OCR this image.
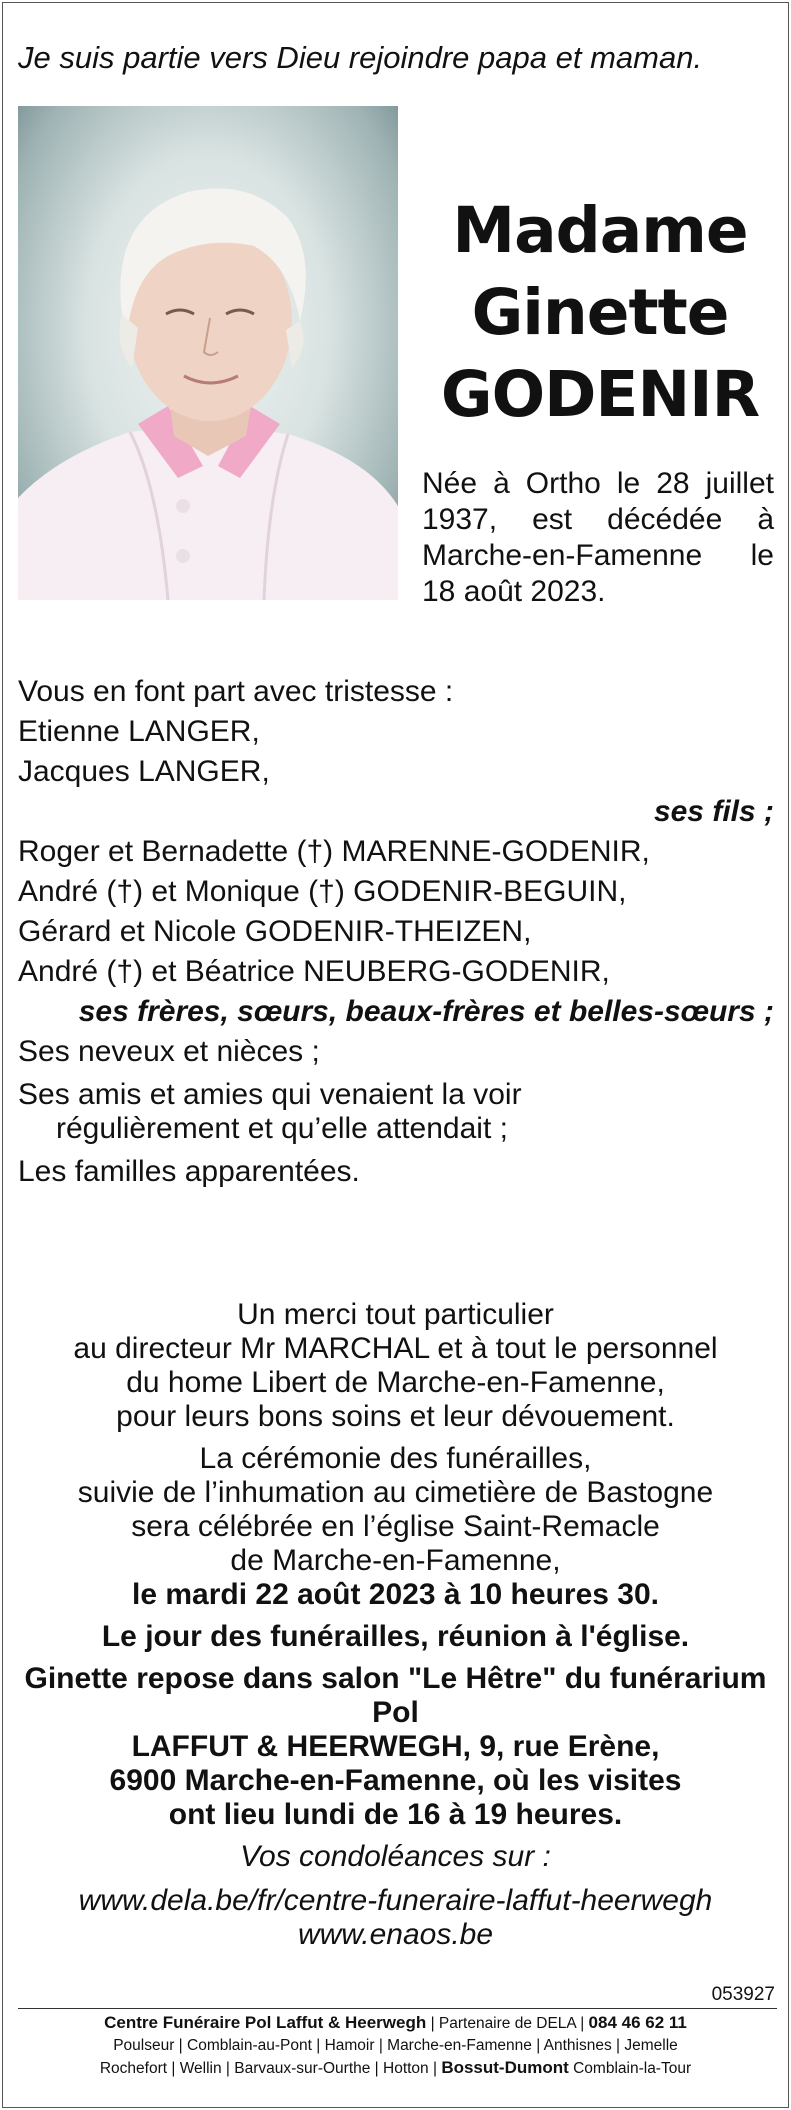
Je suis partie vers Dieu rejoindre papa et maman.
Madame
Ginette
GODENIR
Née à Ortho le 28 juillet 1937, est décédée à Marche-en-Famenne le 18 août 2023.
Vous en font part avec tristesse :
Etienne LANGER,
Jacques LANGER,
ses fils ;
Roger et Bernadette (†) MARENNE-GODENIR,
André (†) et Monique (†) GODENIR-BEGUIN,
Gérard et Nicole GODENIR-THEIZEN,
André (†) et Béatrice NEUBERG-GODENIR,
ses frères, sœurs, beaux-frères et belles-sœurs ;
Ses neveux et nièces ;
Ses amis et amies qui venaient la voir
régulièrement et qu’elle attendait ;
Les familles apparentées.
Un merci tout particulier
au directeur Mr MARCHAL et à tout le personnel
du home Libert de Marche-en-Famenne,
pour leurs bons soins et leur dévouement.
La cérémonie des funérailles,
suivie de l’inhumation au cimetière de Bastogne
sera célébrée en l’église Saint-Remacle
de Marche-en-Famenne,
le mardi 22 août 2023 à 10 heures 30.
Le jour des funérailles, réunion à l'église.
Ginette repose dans salon "Le Hêtre" du funérarium Pol
LAFFUT & HEERWEGH, 9, rue Erène,
6900 Marche-en-Famenne, où les visites
ont lieu lundi de 16 à 19 heures.
Vos condoléances sur :
www.dela.be/fr/centre-funeraire-laffut-heerwegh
www.enaos.be
053927
Centre Funéraire Pol Laffut & Heerwegh | Partenaire de DELA | 084 46 62 11
Poulseur | Comblain-au-Pont | Hamoir | Marche-en-Famenne | Anthisnes | Jemelle
Rochefort | Wellin | Barvaux-sur-Ourthe | Hotton | Bossut-Dumont Comblain-la-Tour
